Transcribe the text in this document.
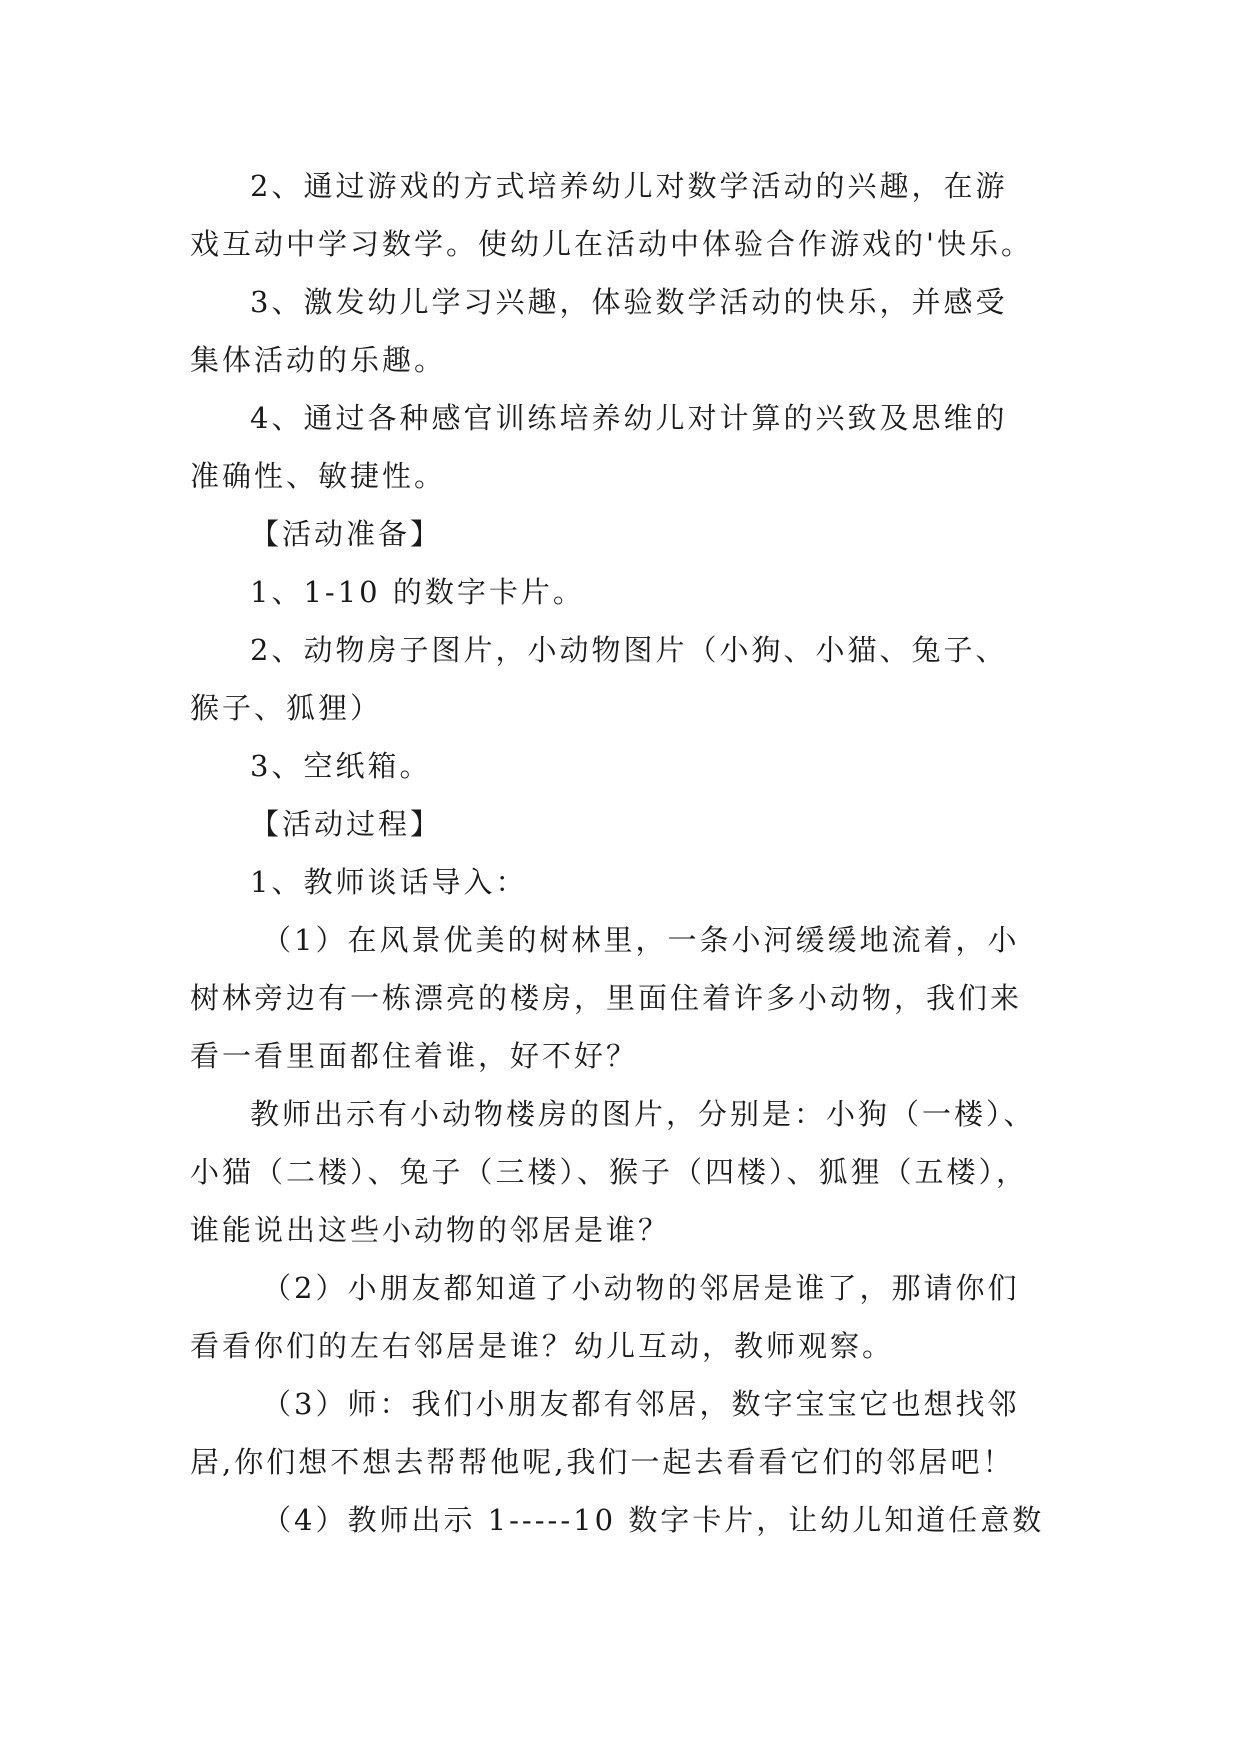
2、通过游戏的方式培养幼儿对数学活动的兴趣，在游
戏互动中学习数学。使幼儿在活动中体验合作游戏的'快乐。
3、激发幼儿学习兴趣，体验数学活动的快乐，并感受
集体活动的乐趣。
4、通过各种感官训练培养幼儿对计算的兴致及思维的
准确性、敏捷性。
【活动准备】
1、1-10 的数字卡片。
2、动物房子图片，小动物图片（小狗、小猫、兔子、
猴子、狐狸）
3、空纸箱。
【活动过程】
1、教师谈话导入：
（1）在风景优美的树林里，一条小河缓缓地流着，小
树林旁边有一栋漂亮的楼房，里面住着许多小动物，我们来
看一看里面都住着谁，好不好？
教师出示有小动物楼房的图片，分别是：小狗（一楼）、
小猫（二楼）、兔子（三楼）、猴子（四楼）、狐狸（五楼），
谁能说出这些小动物的邻居是谁？
（2）小朋友都知道了小动物的邻居是谁了，那请你们
看看你们的左右邻居是谁？幼儿互动，教师观察。
（3）师：我们小朋友都有邻居，数字宝宝它也想找邻
居,你们想不想去帮帮他呢,我们一起去看看它们的邻居吧！
（4）教师出示 1-----10 数字卡片，让幼儿知道任意数
